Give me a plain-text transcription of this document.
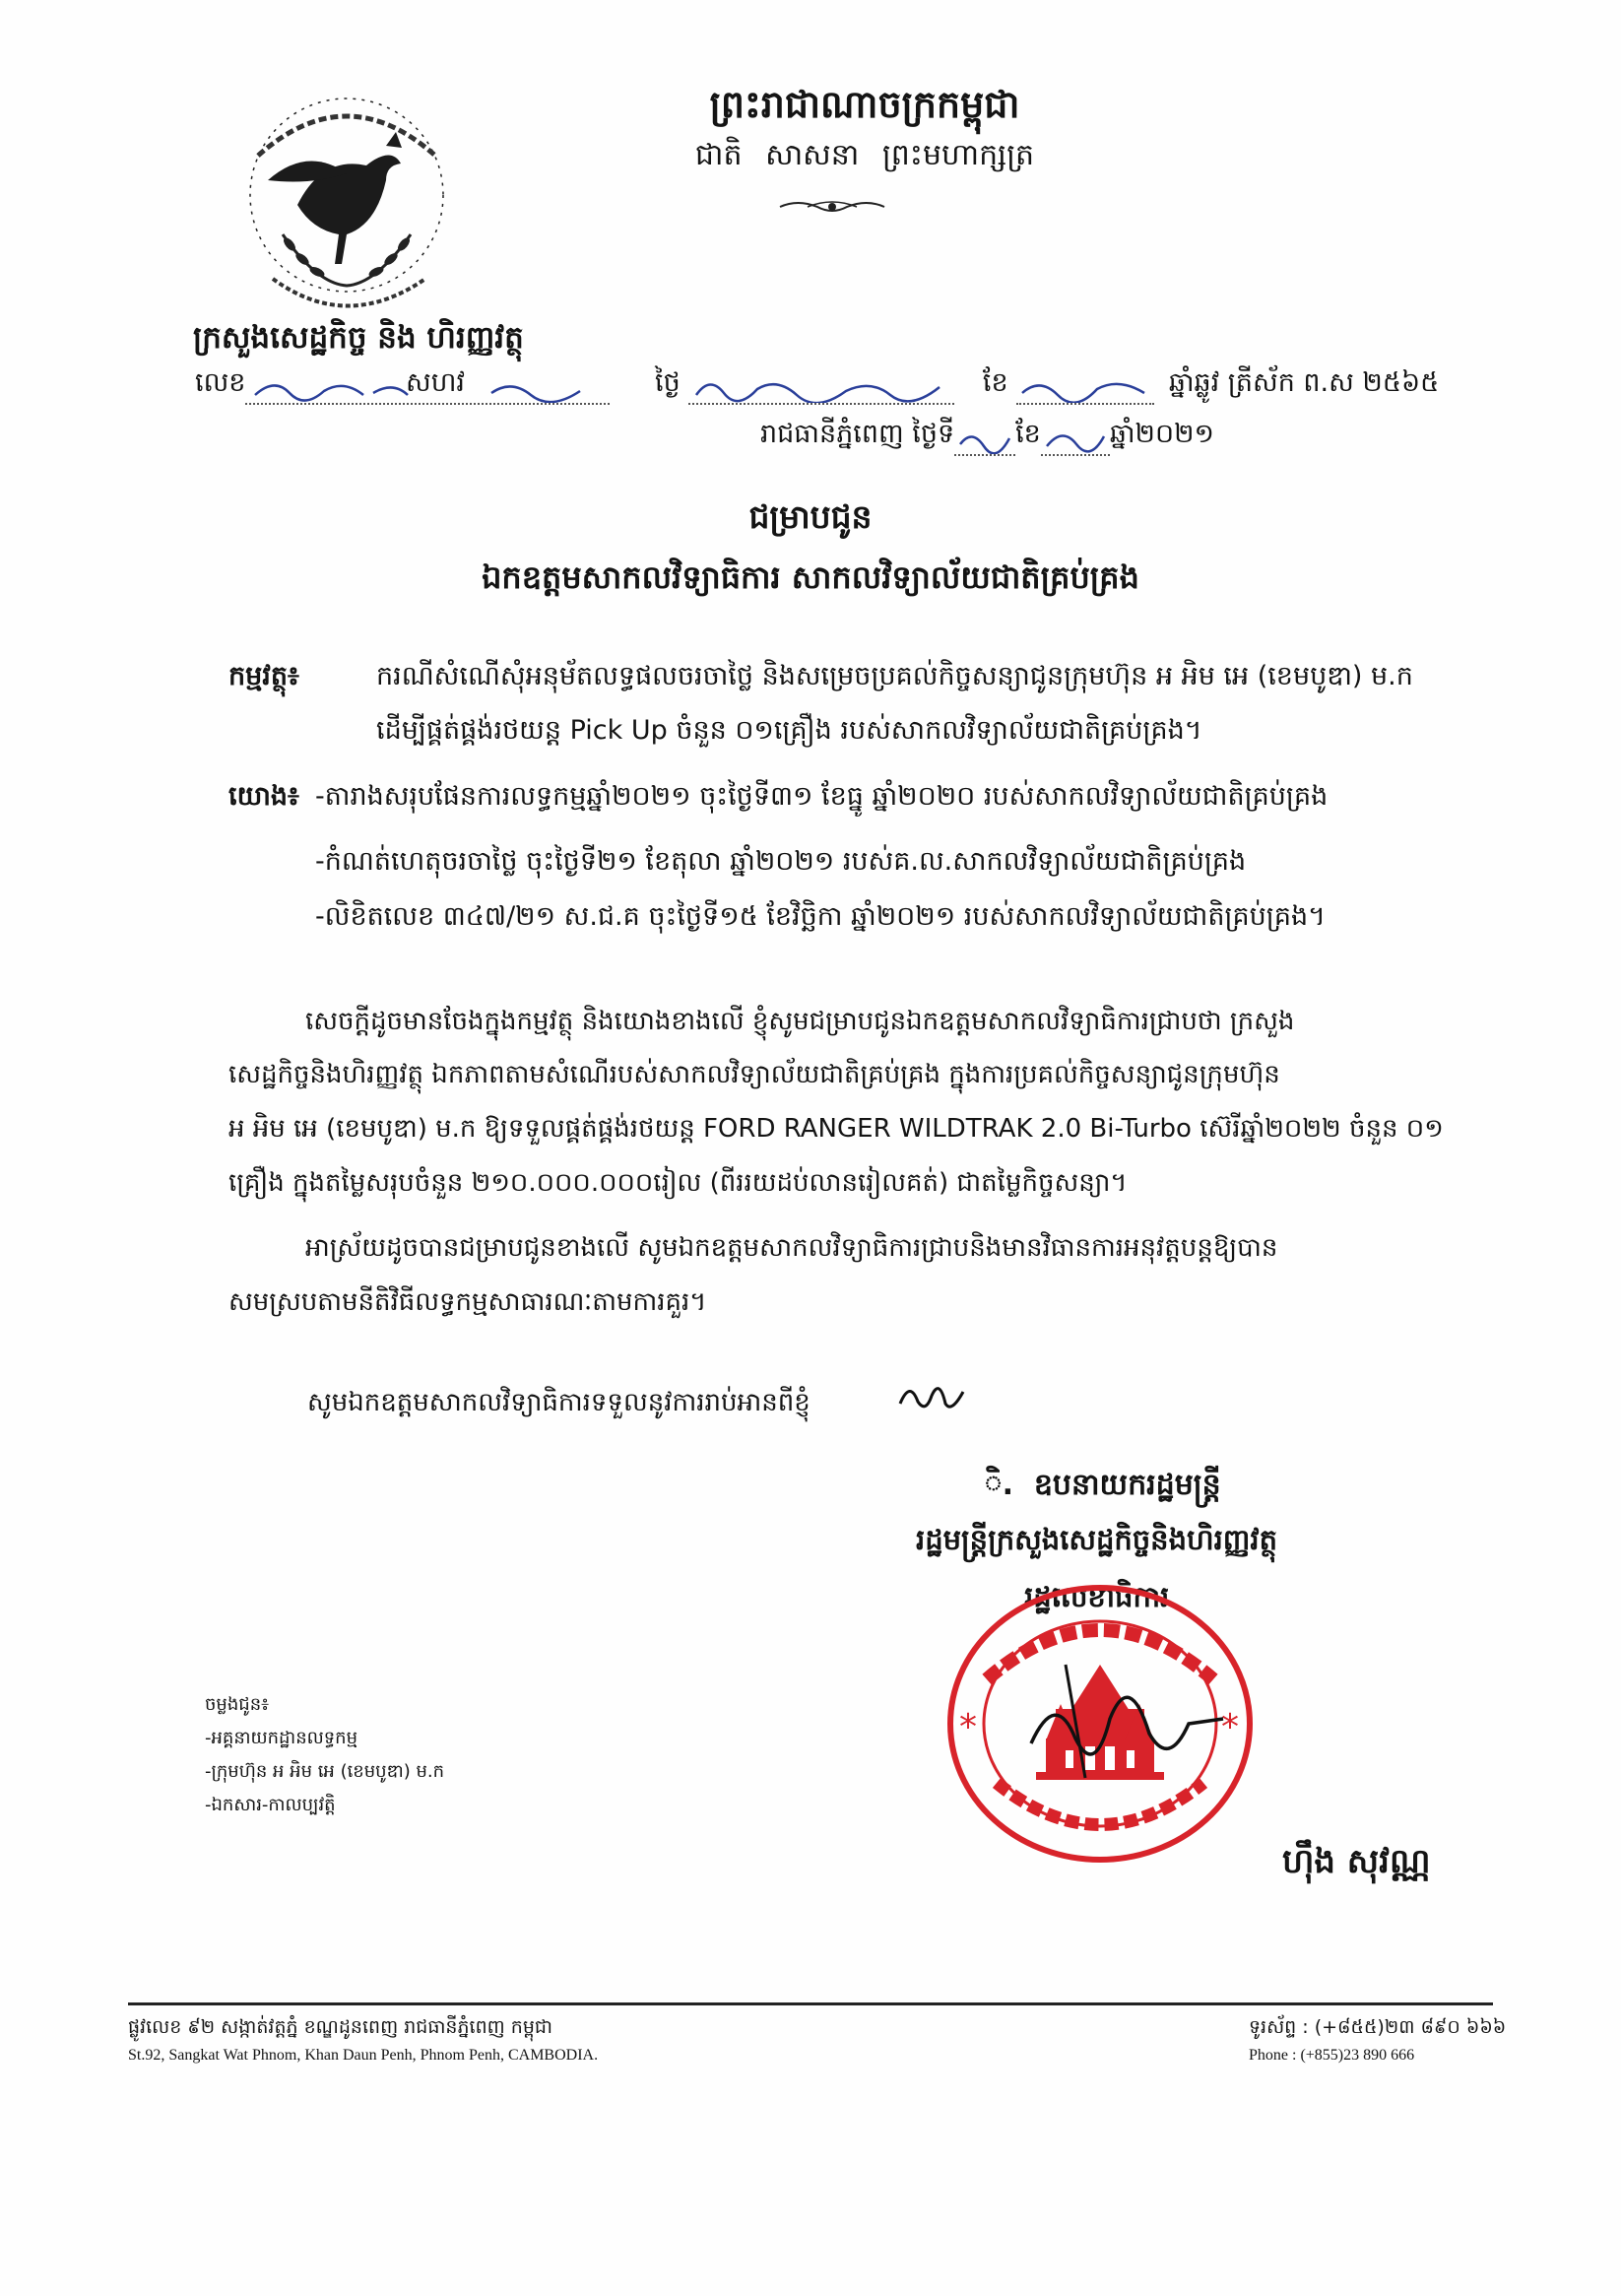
ព្រះរាជាណាចក្រកម្ពុជា
ជាតិ សាសនា ព្រះមហាក្សត្រ
ក្រសួងសេដ្ឋកិច្ច និង ហិរញ្ញវត្ថុ
លេខ	សហវ	ថ្ងៃ	ខែ	ឆ្នាំឆ្លូវ ត្រីស័ក ព.ស ២៥៦៥
រាជធានីភ្នំពេញ ថ្ងៃទី ខែ	ឆ្នាំ២០២១
ជម្រាបជូន
ឯកឧត្តមសាកលវិទ្យាធិការ សាកលវិទ្យាល័យជាតិគ្រប់គ្រង
កម្មវត្ថុ៖	ករណីសំណើសុំអនុម័តលទ្ធផលចរចាថ្លៃ និងសម្រេចប្រគល់កិច្ចសន្យាជូនក្រុមហ៊ុន អ អិម អេ (ខេមបូឌា) ម.ក
ដើម្បីផ្គត់ផ្គង់រថយន្ត Pick Up ចំនួន ០១គ្រឿង របស់សាកលវិទ្យាល័យជាតិគ្រប់គ្រង។
យោង៖ -តារាងសរុបផែនការលទ្ធកម្មឆ្នាំ២០២១ ចុះថ្ងៃទី៣១ ខែធ្នូ ឆ្នាំ២០២០ របស់សាកលវិទ្យាល័យជាតិគ្រប់គ្រង
-កំណត់ហេតុចរចាថ្លៃ ចុះថ្ងៃទី២១ ខែតុលា ឆ្នាំ២០២១ របស់គ.ល.សាកលវិទ្យាល័យជាតិគ្រប់គ្រង
-លិខិតលេខ ៣៤៧/២១ ស.ជ.គ ចុះថ្ងៃទី១៥ ខែវិច្ឆិកា ឆ្នាំ២០២១ របស់សាកលវិទ្យាល័យជាតិគ្រប់គ្រង។
សេចក្ដីដូចមានចែងក្នុងកម្មវត្ថុ និងយោងខាងលើ ខ្ញុំសូមជម្រាបជូនឯកឧត្តមសាកលវិទ្យាធិការជ្រាបថា ក្រសួង
សេដ្ឋកិច្ចនិងហិរញ្ញវត្ថុ ឯកភាពតាមសំណើរបស់សាកលវិទ្យាល័យជាតិគ្រប់គ្រង ក្នុងការប្រគល់កិច្ចសន្យាជូនក្រុមហ៊ុន
អ អិម អេ (ខេមបូឌា) ម.ក ឱ្យទទួលផ្គត់ផ្គង់រថយន្ត FORD RANGER WILDTRAK 2.0 Bi-Turbo ស៊េរីឆ្នាំ២០២២ ចំនួន ០១
គ្រឿង ក្នុងតម្លៃសរុបចំនួន ២១០.០០០.០០០រៀល (ពីររយដប់លានរៀលគត់) ជាតម្លៃកិច្ចសន្យា។
អាស្រ័យដូចបានជម្រាបជូនខាងលើ សូមឯកឧត្តមសាកលវិទ្យាធិការជ្រាបនិងមានវិធានការអនុវត្តបន្តឱ្យបាន
សមស្របតាមនីតិវិធីលទ្ធកម្មសាធារណៈតាមការគួរ។
សូមឯកឧត្តមសាកលវិទ្យាធិការទទួលនូវការរាប់អានពីខ្ញុំ
ិ.  ឧបនាយករដ្ឋមន្ត្រី
រដ្ឋមន្ត្រីក្រសួងសេដ្ឋកិច្ចនិងហិរញ្ញវត្ថុ
រដ្ឋលេខាធិការ
*	*
ហ៊ឹង សុវណ្ណ
ចម្លងជូន៖
-អគ្គនាយកដ្ឋានលទ្ធកម្ម
-ក្រុមហ៊ុន អ អិម អេ (ខេមបូឌា) ម.ក
-ឯកសារ-កាលប្បវត្តិ
ផ្លូវលេខ ៩២ សង្កាត់វត្តភ្នំ ខណ្ឌដូនពេញ រាជធានីភ្នំពេញ កម្ពុជា
St.92, Sangkat Wat Phnom, Khan Daun Penh, Phnom Penh, CAMBODIA.
ទូរស័ព្ទ : (+៨៥៥)២៣ ៨៩០ ៦៦៦
Phone : (+855)23 890 666
